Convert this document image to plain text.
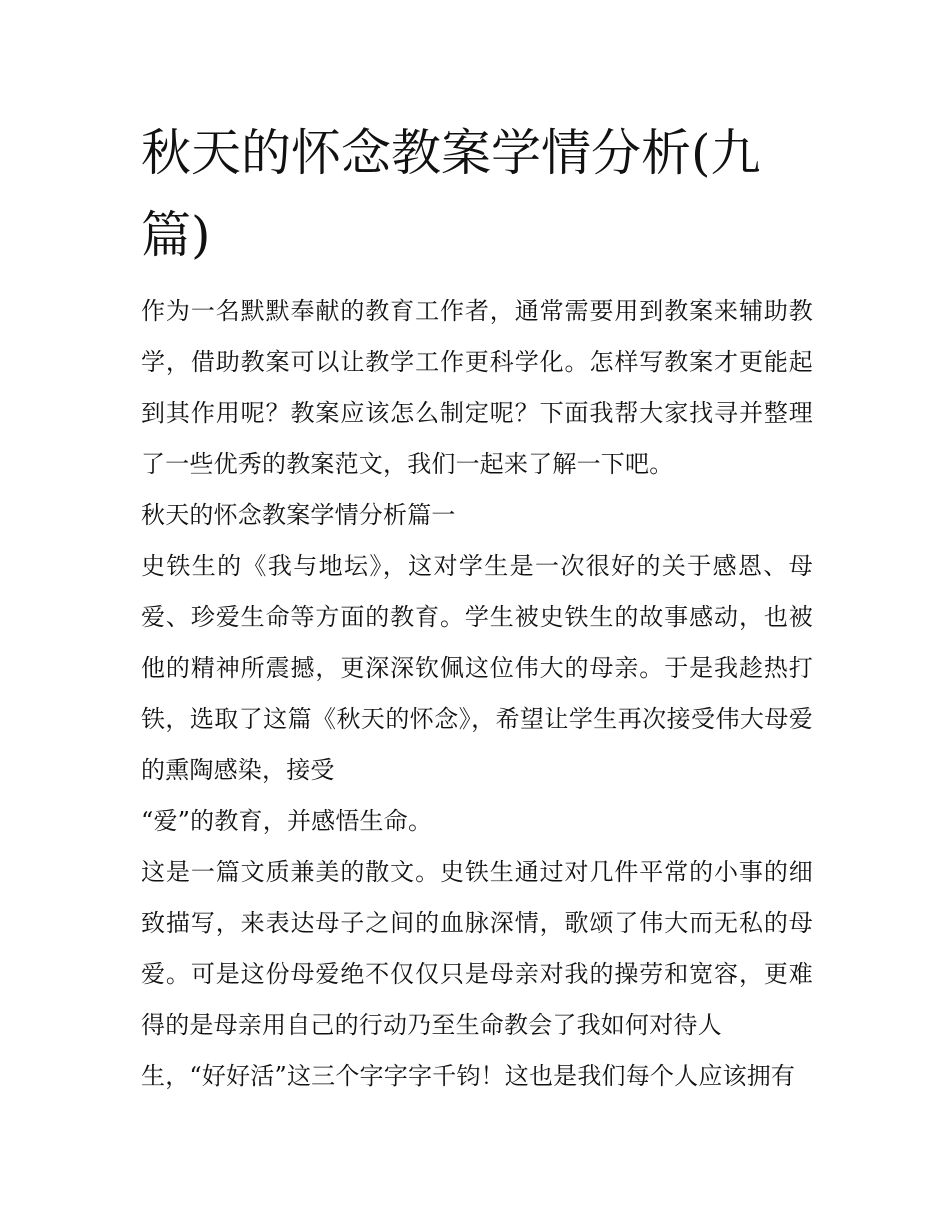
秋天的怀念教案学情分析(九篇)

作为一名默默奉献的教育工作者，通常需要用到教案来辅助教学，借助教案可以让教学工作更科学化。怎样写教案才更能起到其作用呢？教案应该怎么制定呢？下面我帮大家找寻并整理了一些优秀的教案范文，我们一起来了解一下吧。

秋天的怀念教案学情分析篇一

史铁生的《我与地坛》，这对学生是一次很好的关于感恩、母爱、珍爱生命等方面的教育。学生被史铁生的故事感动，也被他的精神所震撼，更深深钦佩这位伟大的母亲。于是我趁热打铁，选取了这篇《秋天的怀念》，希望让学生再次接受伟大母爱的熏陶感染，接受

“爱”的教育，并感悟生命。

这是一篇文质兼美的散文。史铁生通过对几件平常的小事的细致描写，来表达母子之间的血脉深情，歌颂了伟大而无私的母爱。可是这份母爱绝不仅仅只是母亲对我的操劳和宽容，更难得的是母亲用自己的行动乃至生命教会了我如何对待人

生，“好好活”这三个字字字千钧！这也是我们每个人应该拥有
